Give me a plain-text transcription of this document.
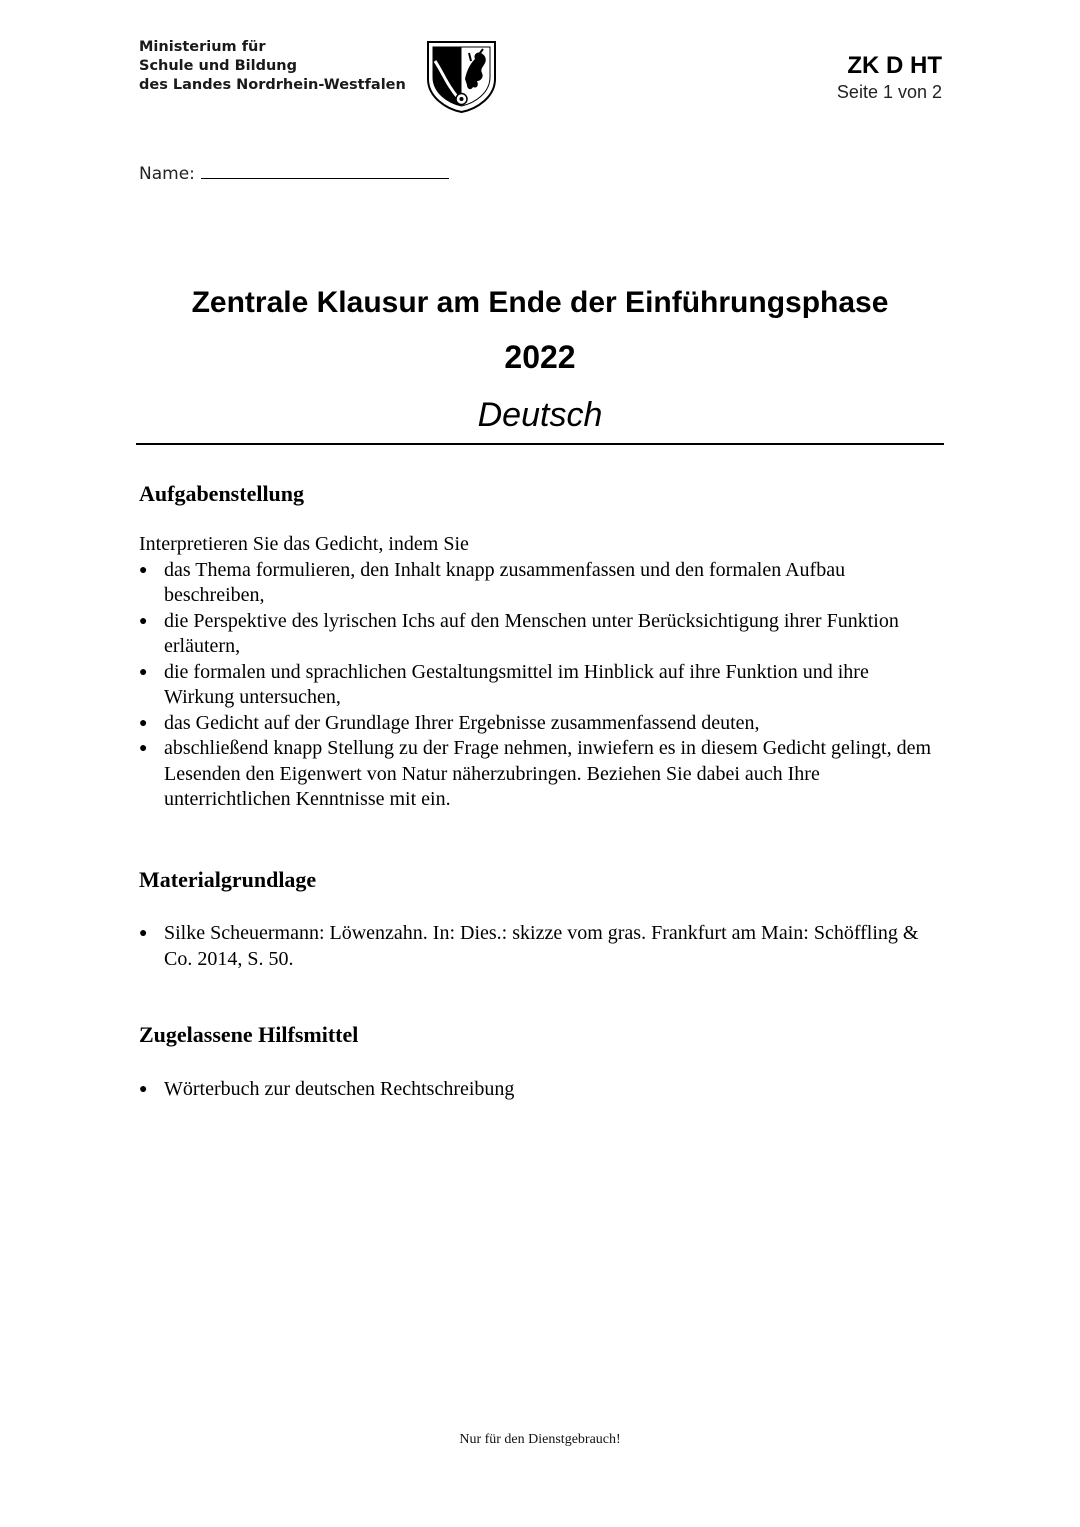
Ministerium für
Schule und Bildung
des Landes Nordrhein-Westfalen
ZK D HT
Seite 1 von 2
Name:
Zentrale Klausur am Ende der Einführungsphase
2022
Deutsch
Aufgabenstellung
Interpretieren Sie das Gedicht, indem Sie
● das Thema formulieren, den Inhalt knapp zusammenfassen und den formalen Aufbau beschreiben,
● die Perspektive des lyrischen Ichs auf den Menschen unter Berücksichtigung ihrer Funktion erläutern,
● die formalen und sprachlichen Gestaltungsmittel im Hinblick auf ihre Funktion und ihre Wirkung untersuchen,
● das Gedicht auf der Grundlage Ihrer Ergebnisse zusammenfassend deuten,
● abschließend knapp Stellung zu der Frage nehmen, inwiefern es in diesem Gedicht gelingt, dem Lesenden den Eigenwert von Natur näherzubringen. Beziehen Sie dabei auch Ihre unterrichtlichen Kenntnisse mit ein.
Materialgrundlage
● Silke Scheuermann: Löwenzahn. In: Dies.: skizze vom gras. Frankfurt am Main: Schöffling & Co. 2014, S. 50.
Zugelassene Hilfsmittel
● Wörterbuch zur deutschen Rechtschreibung
Nur für den Dienstgebrauch!
